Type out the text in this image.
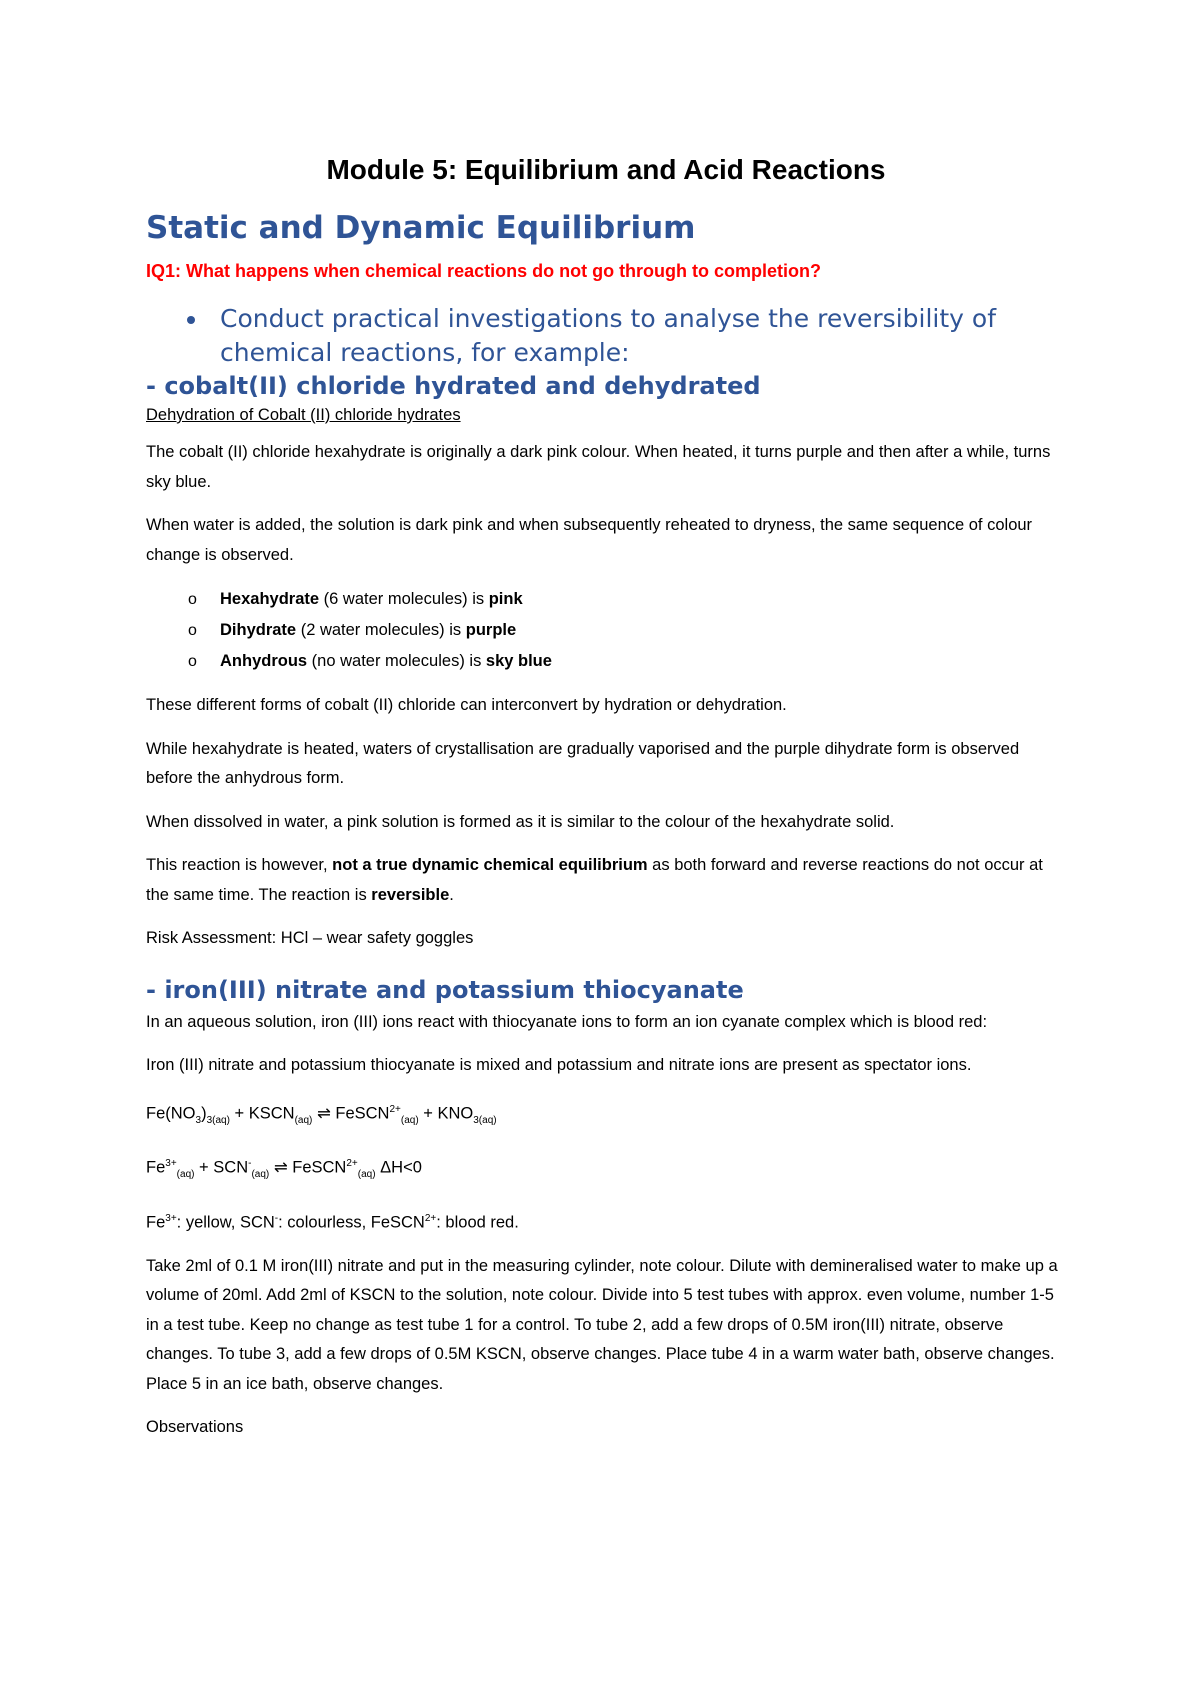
Module 5: Equilibrium and Acid Reactions
Static and Dynamic Equilibrium

IQ1: What happens when chemical reactions do not go through to completion?

Conduct practical investigations to analyse the reversibility of chemical reactions, for example:
- cobalt(II) chloride hydrated and dehydrated

Dehydration of Cobalt (II) chloride hydrates

The cobalt (II) chloride hexahydrate is originally a dark pink colour. When heated, it turns purple and then after a while, turns sky blue.

When water is added, the solution is dark pink and when subsequently reheated to dryness, the same sequence of colour change is observed.

o Hexahydrate (6 water molecules) is pink
o Dihydrate (2 water molecules) is purple
o Anhydrous (no water molecules) is sky blue

These different forms of cobalt (II) chloride can interconvert by hydration or dehydration.

While hexahydrate is heated, waters of crystallisation are gradually vaporised and the purple dihydrate form is observed before the anhydrous form.

When dissolved in water, a pink solution is formed as it is similar to the colour of the hexahydrate solid.

This reaction is however, not a true dynamic chemical equilibrium as both forward and reverse reactions do not occur at the same time. The reaction is reversible.

Risk Assessment: HCl – wear safety goggles

- iron(III) nitrate and potassium thiocyanate

In an aqueous solution, iron (III) ions react with thiocyanate ions to form an ion cyanate complex which is blood red:

Iron (III) nitrate and potassium thiocyanate is mixed and potassium and nitrate ions are present as spectator ions.

$Fe(NO_3)_{3(aq)}$ + $KSCN_{(aq)}$ ⇌ FeSCN$^{2+}_{(aq)}$ + $KNO_{3(aq)}$

$Fe^{3+}_{(aq)} + SCN^-_{(aq)}$ ⇌ FeSCN$^{2+}_{(aq)}$ ΔH<0

$Fe^{3+}$: yellow, SCN-: colourless, FeSCN$^{2+}$: blood red.

Take 2ml of 0.1 M iron(III) nitrate and put in the measuring cylinder, note colour. Dilute with demineralised water to make up a volume of 20ml. Add 2ml of KSCN to the solution, note colour. Divide into 5 test tubes with approx. even volume, number 1-5 in a test tube. Keep no change as test tube 1 for a control. To tube 2, add a few drops of 0.5M iron(III) nitrate, observe changes. To tube 3, add a few drops of 0.5M KSCN, observe changes. Place tube 4 in a warm water bath, observe changes. Place 5 in an ice bath, observe changes.

Observations
